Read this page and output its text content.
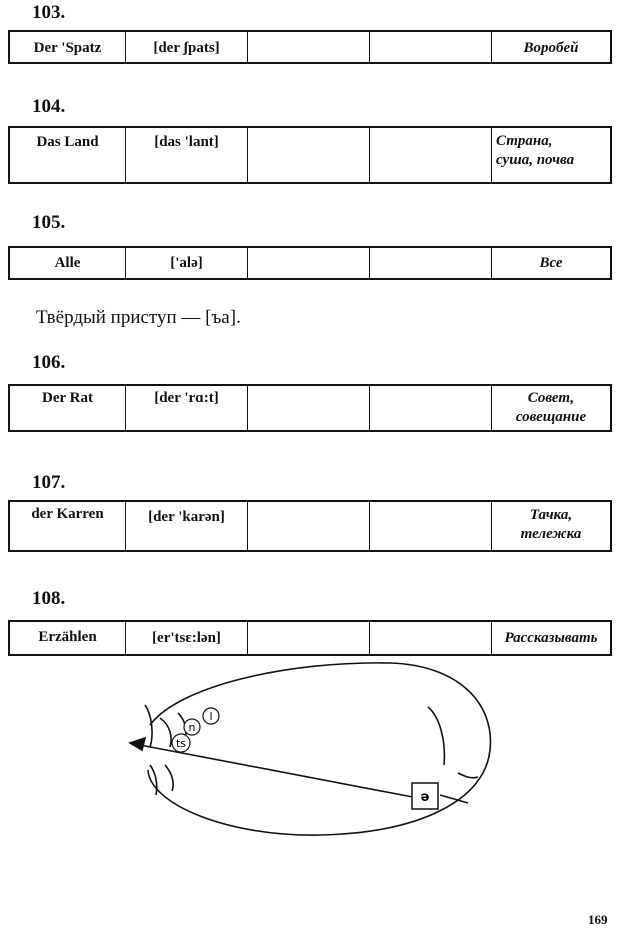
103.
Der 'Spatz	[der ʃpats]	Воробей
104.
Das Land	[das 'lant]	Страна,
суша, почва
105.
Alle	['alə]	Все
Твёрдый приступ — [ъa].
106.
Der Rat	[der 'rɑ:t]	Совет,
совещание
107.
der Karren	[der 'karən]	Тачка,
тележка
108.
Erzählen	[er'tsɛ:lən]	Рассказывать
n
l
ts
ə
169
